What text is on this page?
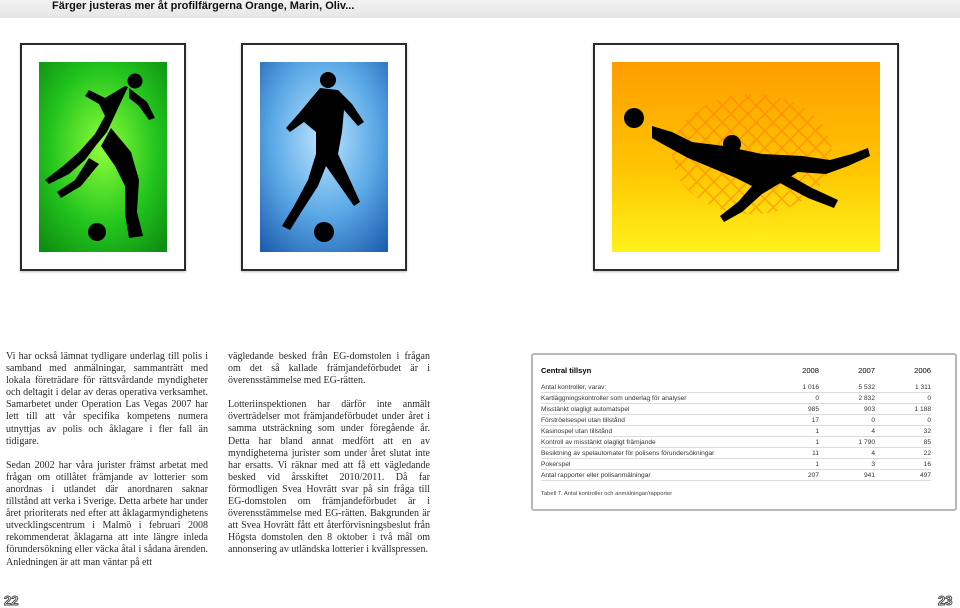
Färger justeras mer åt profilfärgerna Orange, Marin, Oliv...

Vi har också lämnat tydligare underlag till polis i samband med anmälningar, sammanträtt med lokala företrädare för rättsvårdande myndigheter och deltagit i delar av deras operativa verksamhet. Samarbetet under Operation Las Vegas 2007 har lett till att vår specifika kompetens numera utnyttjas av polis och åklagare i fler fall än tidigare.

Sedan 2002 har våra jurister främst arbetat med frågan om otillåtet främjande av lotterier som anordnas i utlandet där anordnaren saknar tillstånd att verka i Sverige. Detta arbete har under året prioriterats ned efter att åklagarmyndighetens utvecklingscentrum i Malmö i februari 2008 rekommenderat åklagarna att inte längre inleda förundersökning eller väcka åtal i sådana ärenden. Anledningen är att man väntar på ett

vägledande besked från EG-domstolen i frågan om det så kallade främjandeförbudet är i överensstämmelse med EG-rätten.

Lotteriinspektionen har därför inte anmält överträdelser mot främjandeförbudet under året i samma utsträckning som under föregående år. Detta har bland annat medfört att en av myndigheterna jurister som under året slutat inte har ersatts. Vi räknar med att få ett vägledande besked vid årsskiftet 2010/2011. Då far förmodligen Svea Hovrätt svar på sin fråga till EG-domstolen om främjandeförbudet är i överensstämmelse med EG-rätten. Bakgrunden är att Svea Hovrätt fått ett återförvisningsbeslut från Högsta domstolen den 8 oktober i två mål om annonsering av utländska lotterier i kvällspressen.

Central tillsyn	2008	2007	2006
Antal kontroller, varav:	1 016	5 532	1 311
Kartläggningskontroller som underlag för analyser	0	2 832	0
Misstänkt olagligt automatspel	985	903	1 188
Förströelsespel utan tillstånd	17	0	0
Kasinospel utan tillstånd	1	4	32
Kontroll av misstänkt olagligt främjande	1	1 790	85
Besiktning av spelautomater för polisens förundersökningar	11	4	22
Pokerspel	1	3	16
Antal rapporter eller polisanmälningar	207	941	497
Tabell 7. Antal kontroller och anmälningar/rapporter
22	23
